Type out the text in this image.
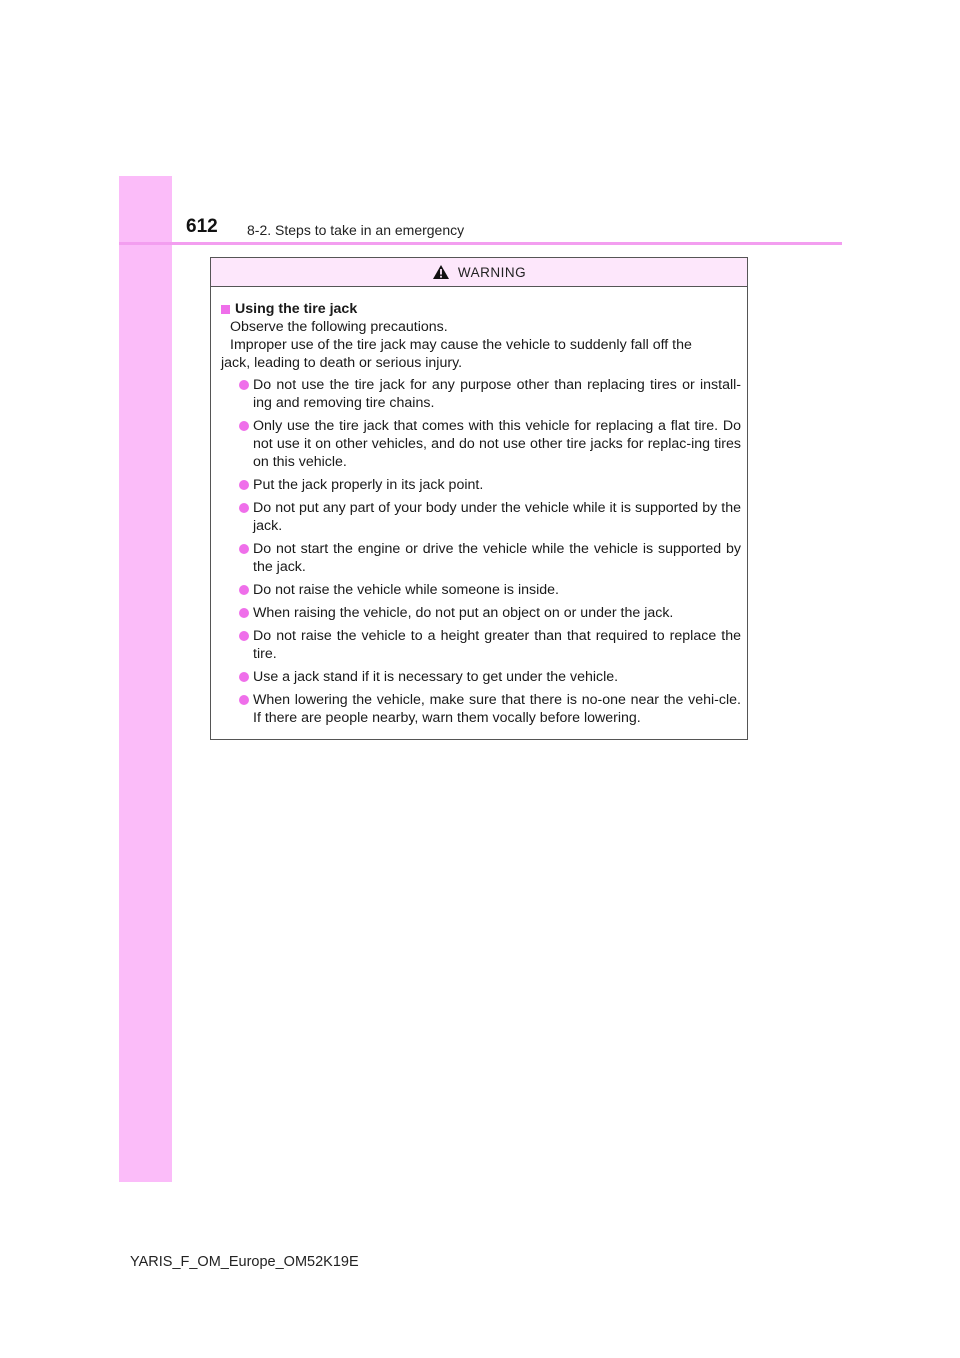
612 8-2. Steps to take in an emergency
WARNING
Using the tire jack

Observe the following precautions.

Improper use of the tire jack may cause the vehicle to suddenly fall off the

jack, leading to death or serious injury.

Do not use the tire jack for any purpose other than replacing tires or install-ing and removing tire chains.
Only use the tire jack that comes with this vehicle for replacing a flat tire. Do not use it on other vehicles, and do not use other tire jacks for replac-ing tires on this vehicle.
Put the jack properly in its jack point.
Do not put any part of your body under the vehicle while it is supported by the jack.
Do not start the engine or drive the vehicle while the vehicle is supported by the jack.
Do not raise the vehicle while someone is inside.
When raising the vehicle, do not put an object on or under the jack.
Do not raise the vehicle to a height greater than that required to replace the tire.
Use a jack stand if it is necessary to get under the vehicle.
When lowering the vehicle, make sure that there is no-one near the vehi-cle. If there are people nearby, warn them vocally before lowering.
YARIS_F_OM_Europe_OM52K19E
